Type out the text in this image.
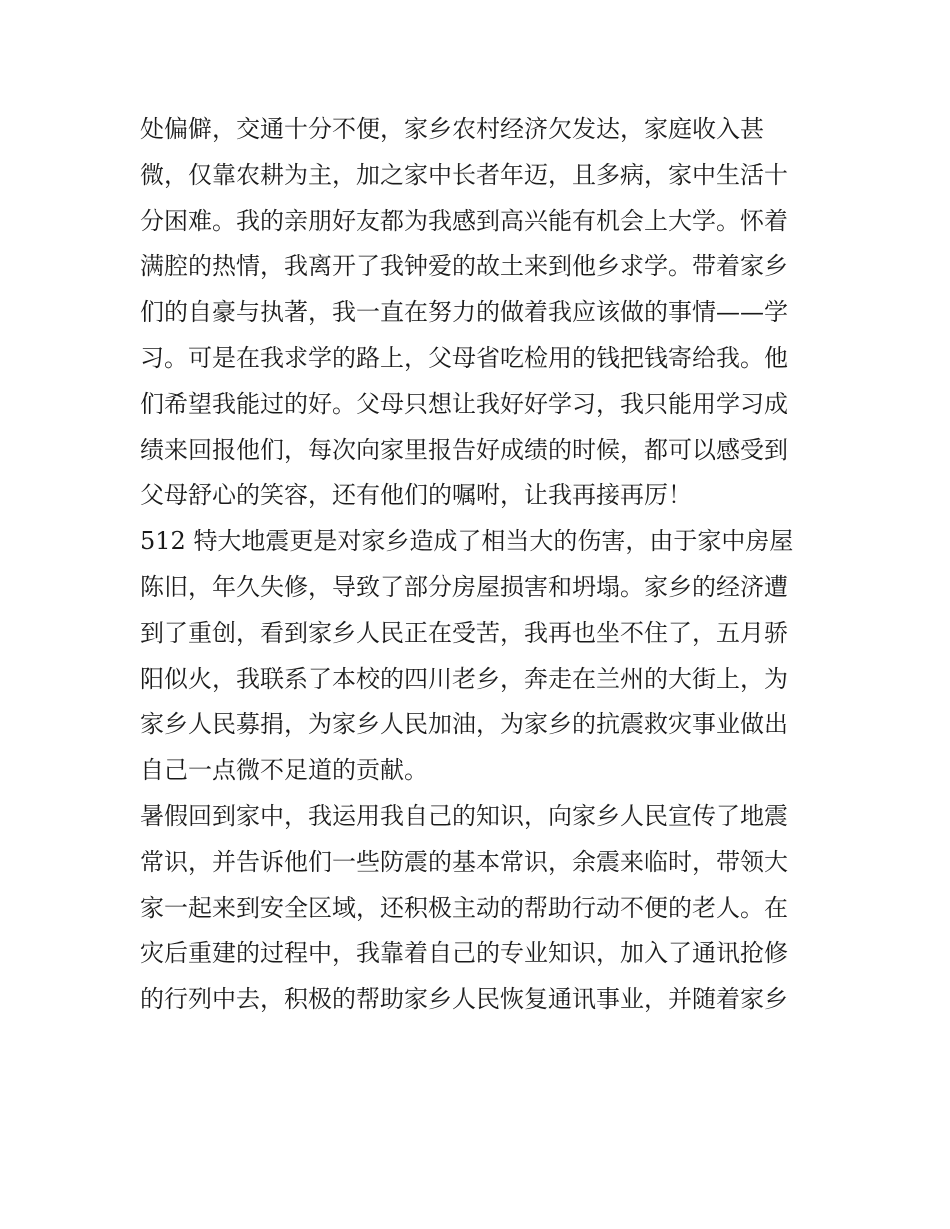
处偏僻，交通十分不便，家乡农村经济欠发达，家庭收入甚
微，仅靠农耕为主，加之家中长者年迈，且多病，家中生活十
分困难。我的亲朋好友都为我感到高兴能有机会上大学。怀着
满腔的热情，我离开了我钟爱的故土来到他乡求学。带着家乡
们的自豪与执著，我一直在努力的做着我应该做的事情——学
习。可是在我求学的路上，父母省吃检用的钱把钱寄给我。他
们希望我能过的好。父母只想让我好好学习，我只能用学习成
绩来回报他们，每次向家里报告好成绩的时候，都可以感受到
父母舒心的笑容，还有他们的嘱咐，让我再接再厉！

512 特大地震更是对家乡造成了相当大的伤害，由于家中房屋
陈旧，年久失修，导致了部分房屋损害和坍塌。家乡的经济遭
到了重创，看到家乡人民正在受苦，我再也坐不住了，五月骄
阳似火，我联系了本校的四川老乡，奔走在兰州的大街上，为
家乡人民募捐，为家乡人民加油，为家乡的抗震救灾事业做出
自己一点微不足道的贡献。

暑假回到家中，我运用我自己的知识，向家乡人民宣传了地震
常识，并告诉他们一些防震的基本常识，余震来临时，带领大
家一起来到安全区域，还积极主动的帮助行动不便的老人。在
灾后重建的过程中，我靠着自己的专业知识，加入了通讯抢修
的行列中去，积极的帮助家乡人民恢复通讯事业，并随着家乡
